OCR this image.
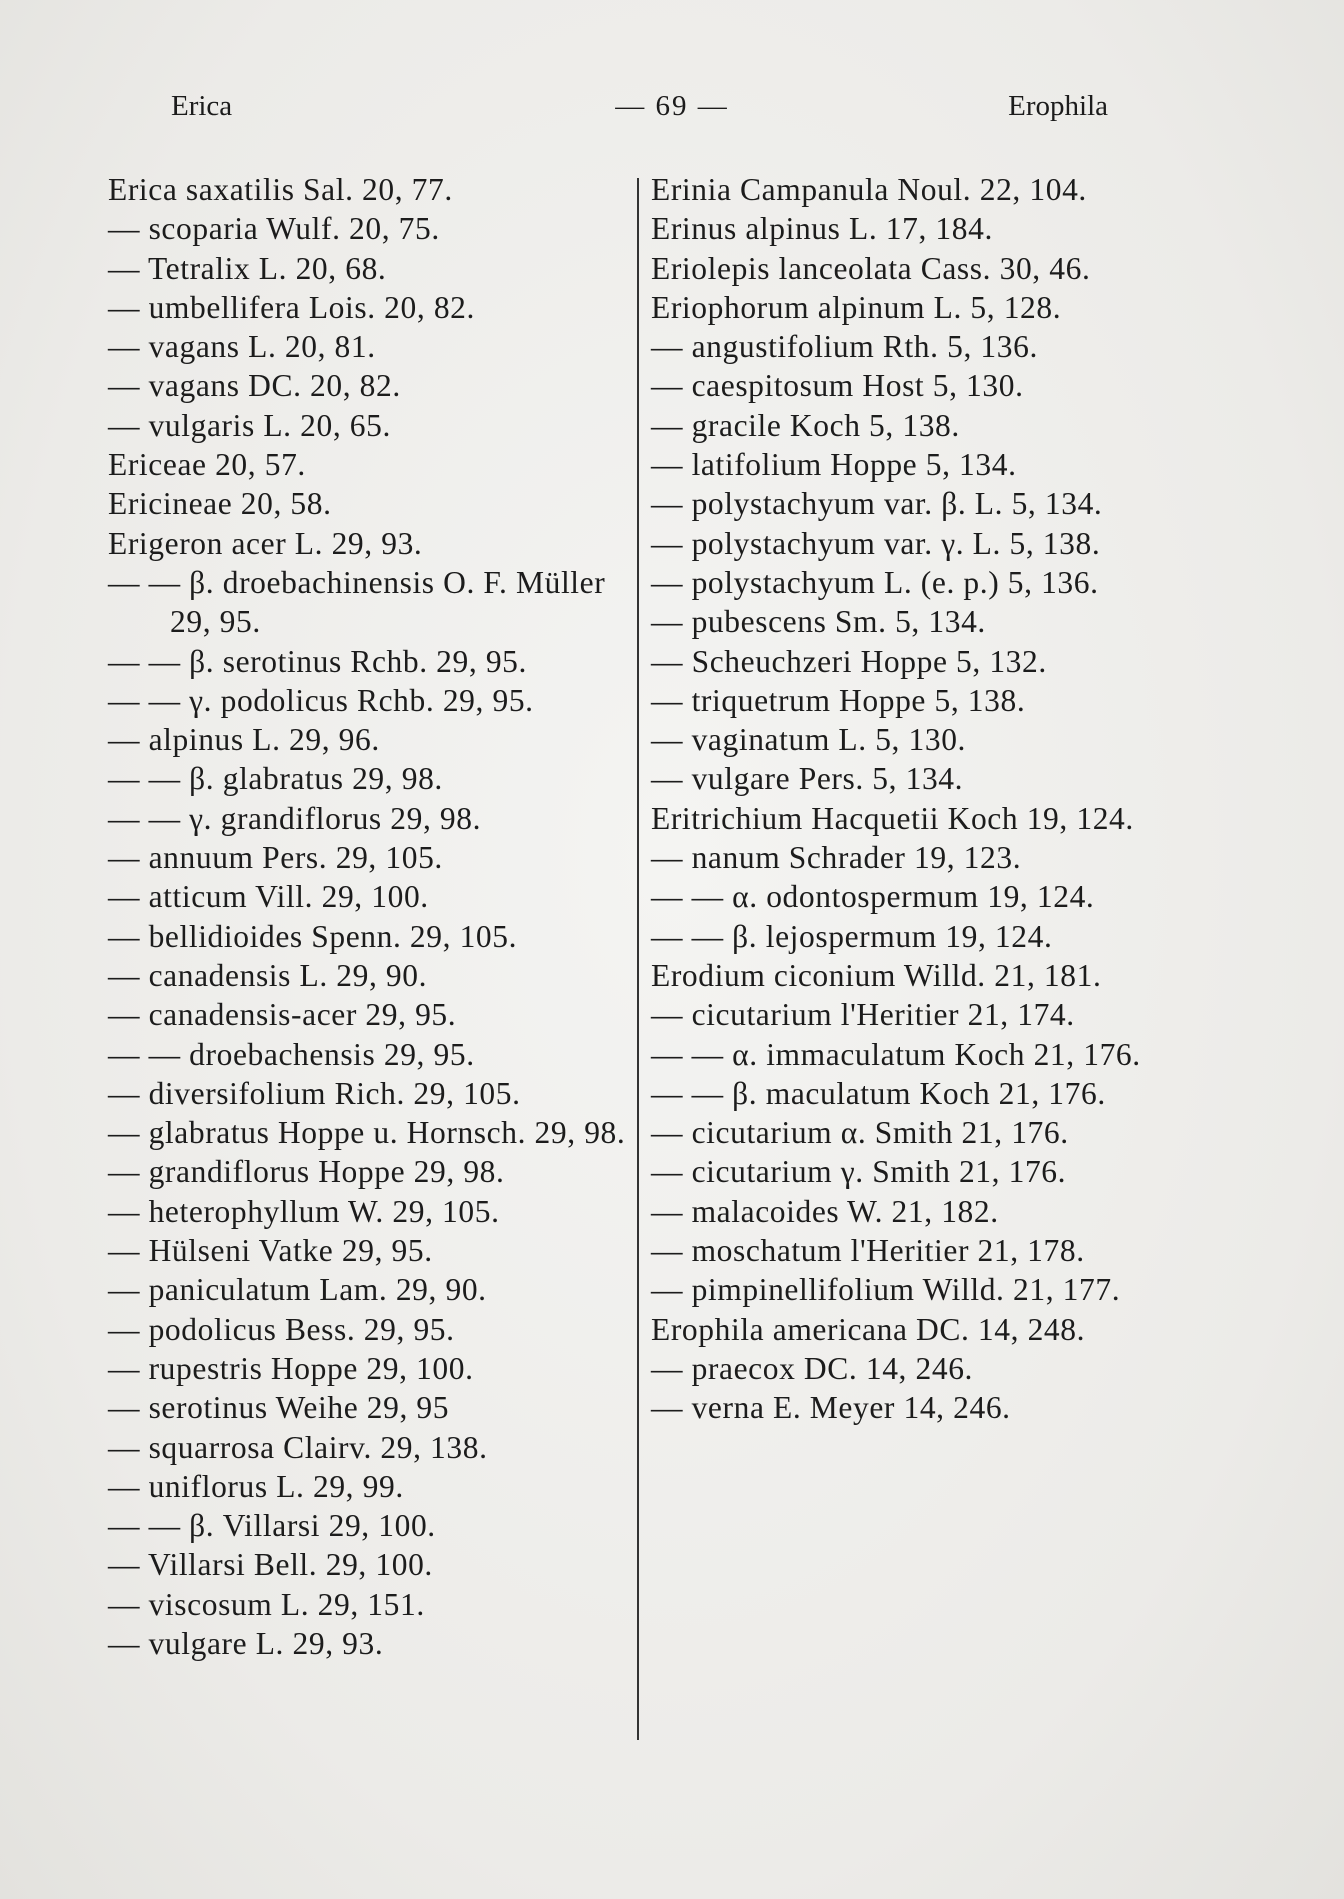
Erica	— 69 —	Erophila
Erica saxatilis Sal. 20, 77.
— scoparia Wulf. 20, 75.
— Tetralix L. 20, 68.
— umbellifera Lois. 20, 82.
— vagans L. 20, 81.
— vagans DC. 20, 82.
— vulgaris L. 20, 65.
Ericeae 20, 57.
Ericineae 20, 58.
Erigeron acer L. 29, 93.
— — β. droebachinensis O. F. Müller 29, 95.
— — β. serotinus Rchb. 29, 95.
— — γ. podolicus Rchb. 29, 95.
— alpinus L. 29, 96.
— — β. glabratus 29, 98.
— — γ. grandiflorus 29, 98.
— annuum Pers. 29, 105.
— atticum Vill. 29, 100.
— bellidioides Spenn. 29, 105.
— canadensis L. 29, 90.
— canadensis-acer 29, 95.
— — droebachensis 29, 95.
— diversifolium Rich. 29, 105.
— glabratus Hoppe u. Hornsch. 29, 98.
— grandiflorus Hoppe 29, 98.
— heterophyllum W. 29, 105.
— Hülseni Vatke 29, 95.
— paniculatum Lam. 29, 90.
— podolicus Bess. 29, 95.
— rupestris Hoppe 29, 100.
— serotinus Weihe 29, 95
— squarrosa Clairv. 29, 138.
— uniflorus L. 29, 99.
— — β. Villarsi 29, 100.
— Villarsi Bell. 29, 100.
— viscosum L. 29, 151.
— vulgare L. 29, 93.
Erinia Campanula Noul. 22, 104.
Erinus alpinus L. 17, 184.
Eriolepis lanceolata Cass. 30, 46.
Eriophorum alpinum L. 5, 128.
— angustifolium Rth. 5, 136.
— caespitosum Host 5, 130.
— gracile Koch 5, 138.
— latifolium Hoppe 5, 134.
— polystachyum var. β. L. 5, 134.
— polystachyum var. γ. L. 5, 138.
— polystachyum L. (e. p.) 5, 136.
— pubescens Sm. 5, 134.
— Scheuchzeri Hoppe 5, 132.
— triquetrum Hoppe 5, 138.
— vaginatum L. 5, 130.
— vulgare Pers. 5, 134.
Eritrichium Hacquetii Koch 19, 124.
— nanum Schrader 19, 123.
— — α. odontospermum 19, 124.
— — β. lejospermum 19, 124.
Erodium ciconium Willd. 21, 181.
— cicutarium l'Heritier 21, 174.
— — α. immaculatum Koch 21, 176.
— — β. maculatum Koch 21, 176.
— cicutarium α. Smith 21, 176.
— cicutarium γ. Smith 21, 176.
— malacoides W. 21, 182.
— moschatum l'Heritier 21, 178.
— pimpinellifolium Willd. 21, 177.
Erophila americana DC. 14, 248.
— praecox DC. 14, 246.
— verna E. Meyer 14, 246.
